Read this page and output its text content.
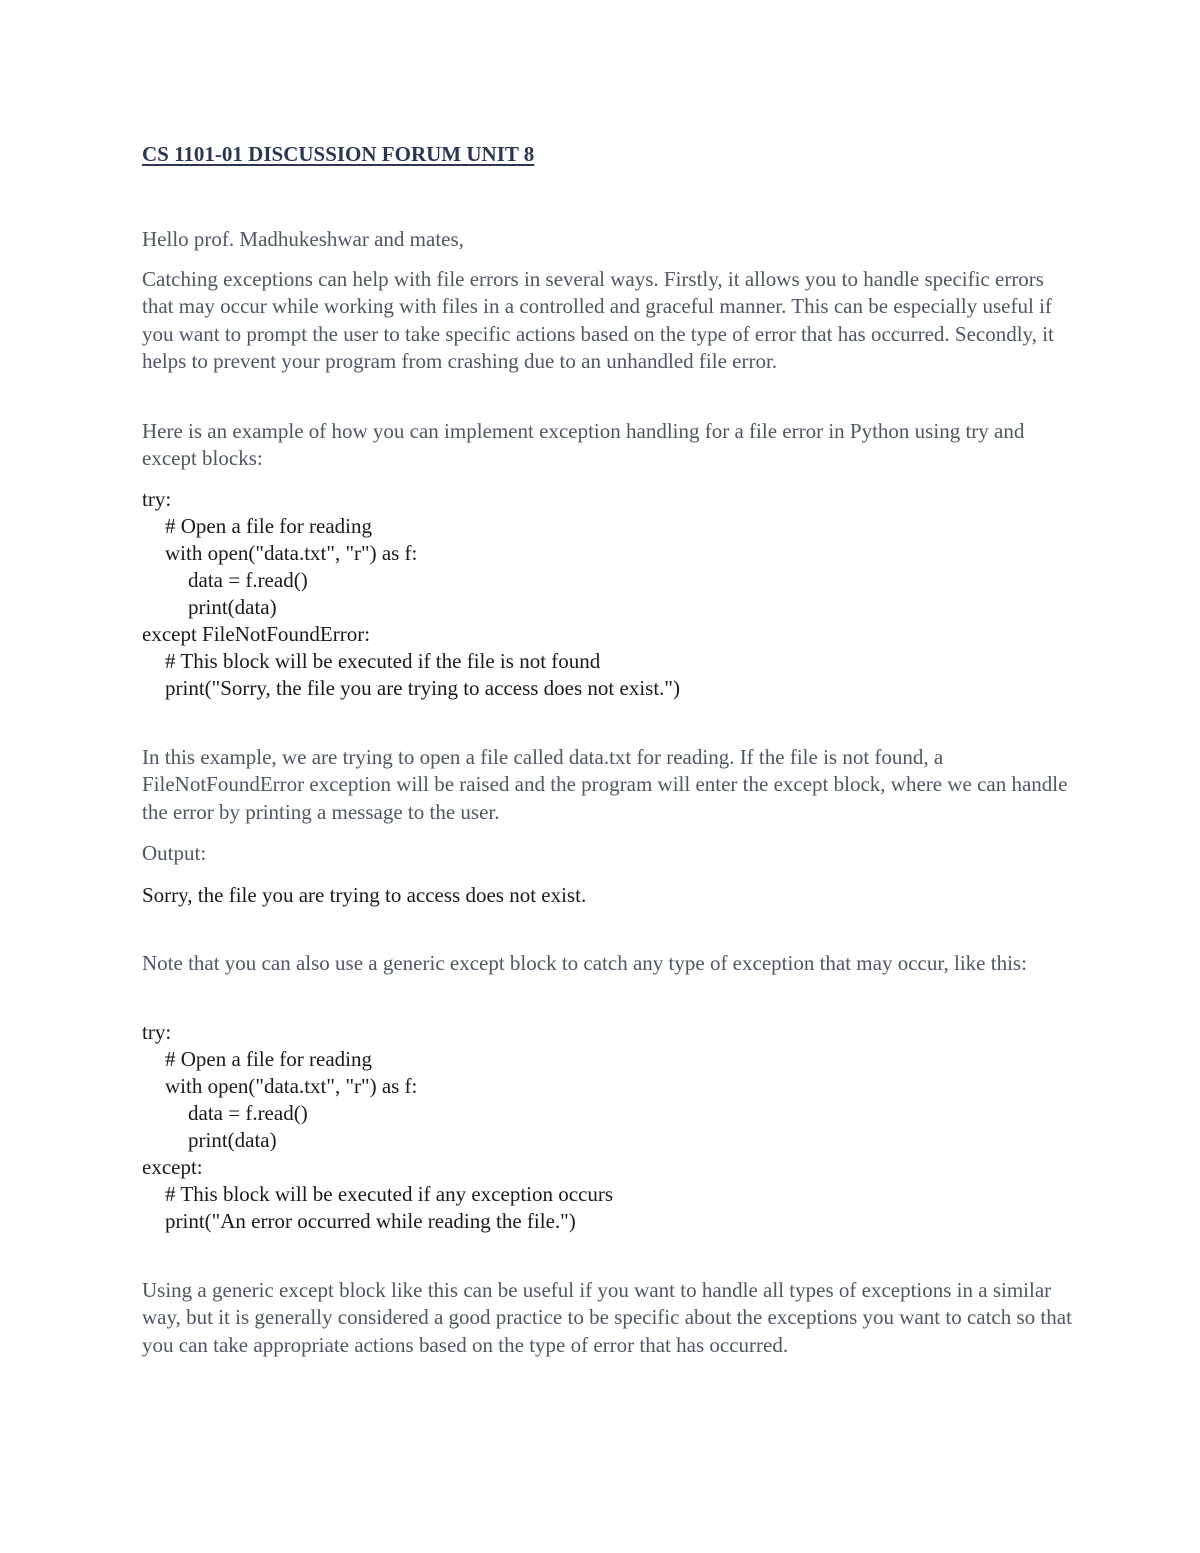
CS 1101-01 DISCUSSION FORUM UNIT 8

Hello prof. Madhukeshwar and mates,

Catching exceptions can help with file errors in several ways. Firstly, it allows you to handle specific errors that may occur while working with files in a controlled and graceful manner. This can be especially useful if you want to prompt the user to take specific actions based on the type of error that has occurred. Secondly, it helps to prevent your program from crashing due to an unhandled file error.

Here is an example of how you can implement exception handling for a file error in Python using try and except blocks:

try:
# Open a file for reading
with open("data.txt", "r") as f:
data = f.read()
print(data)
except FileNotFoundError:
# This block will be executed if the file is not found
print("Sorry, the file you are trying to access does not exist.")

In this example, we are trying to open a file called data.txt for reading. If the file is not found, a FileNotFoundError exception will be raised and the program will enter the except block, where we can handle the error by printing a message to the user.

Output:

Sorry, the file you are trying to access does not exist.

Note that you can also use a generic except block to catch any type of exception that may occur, like this:

try:
# Open a file for reading
with open("data.txt", "r") as f:
data = f.read()
print(data)
except:
# This block will be executed if any exception occurs
print("An error occurred while reading the file.")

Using a generic except block like this can be useful if you want to handle all types of exceptions in a similar way, but it is generally considered a good practice to be specific about the exceptions you want to catch so that you can take appropriate actions based on the type of error that has occurred.
